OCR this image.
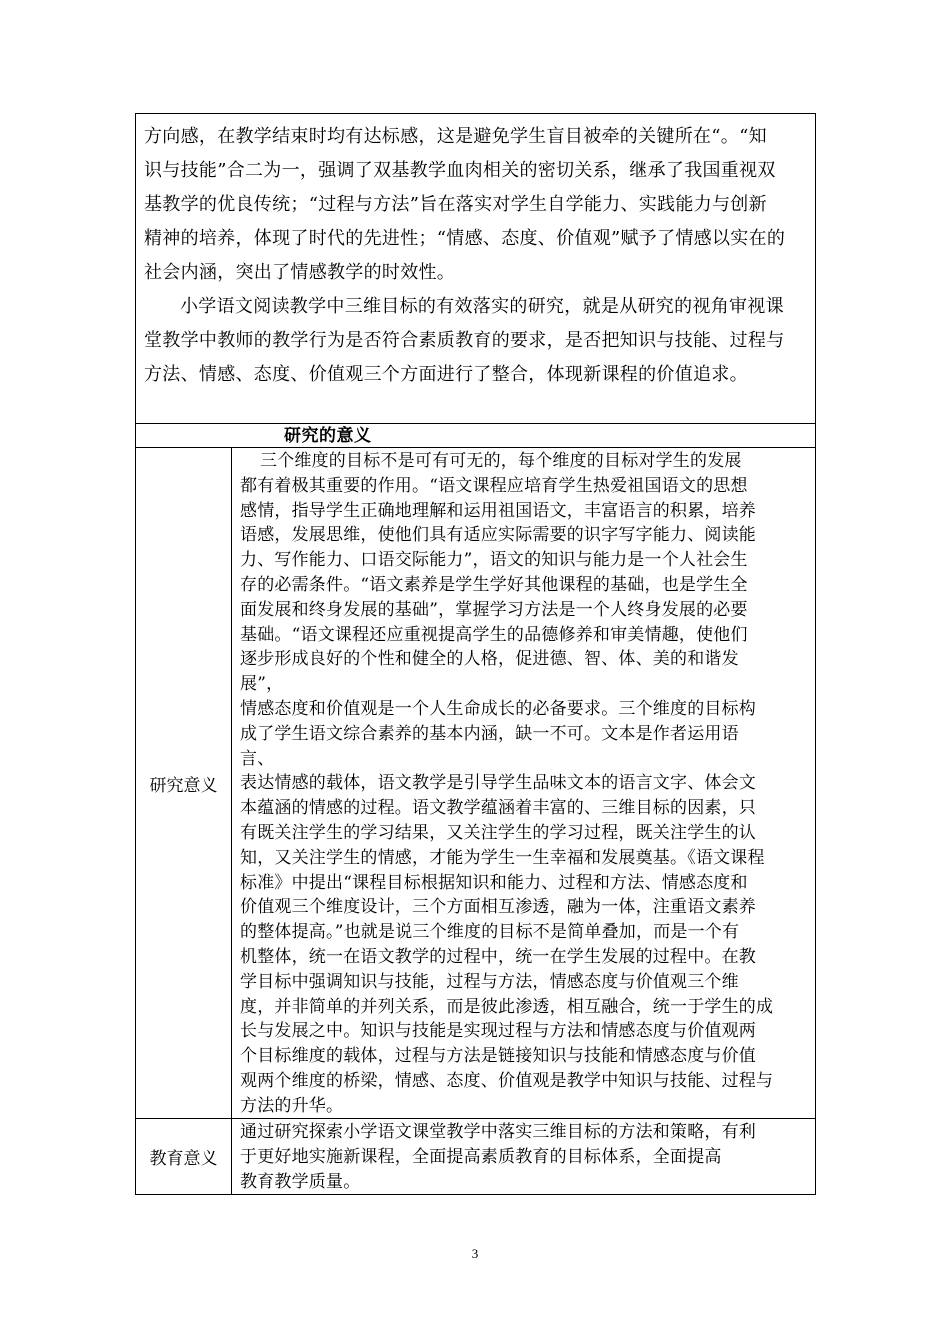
方向感，在教学结束时均有达标感，这是避免学生盲目被牵的关键所在“。“知
识与技能”合二为一，强调了双基教学血肉相关的密切关系，继承了我国重视双
基教学的优良传统；“过程与方法”旨在落实对学生自学能力、实践能力与创新
精神的培养，体现了时代的先进性；“情感、态度、价值观”赋予了情感以实在的
社会内涵，突出了情感教学的时效性。
小学语文阅读教学中三维目标的有效落实的研究，就是从研究的视角审视课
堂教学中教师的教学行为是否符合素质教育的要求，是否把知识与技能、过程与
方法、情感、态度、价值观三个方面进行了整合，体现新课程的价值追求。
研究的意义
研究意义
三个维度的目标不是可有可无的，每个维度的目标对学生的发展
都有着极其重要的作用。“语文课程应培育学生热爱祖国语文的思想
感情，指导学生正确地理解和运用祖国语文，丰富语言的积累，培养
语感，发展思维，使他们具有适应实际需要的识字写字能力、阅读能
力、写作能力、口语交际能力”，语文的知识与能力是一个人社会生
存的必需条件。“语文素养是学生学好其他课程的基础，也是学生全
面发展和终身发展的基础”，掌握学习方法是一个人终身发展的必要
基础。“语文课程还应重视提高学生的品德修养和审美情趣，使他们
逐步形成良好的个性和健全的人格，促进德、智、体、美的和谐发
展”，
情感态度和价值观是一个人生命成长的必备要求。三个维度的目标构
成了学生语文综合素养的基本内涵，缺一不可。文本是作者运用语
言、
表达情感的载体，语文教学是引导学生品味文本的语言文字、体会文
本蕴涵的情感的过程。语文教学蕴涵着丰富的、三维目标的因素，只
有既关注学生的学习结果，又关注学生的学习过程，既关注学生的认
知，又关注学生的情感，才能为学生一生幸福和发展奠基。《语文课程
标准》中提出“课程目标根据知识和能力、过程和方法、情感态度和
价值观三个维度设计，三个方面相互渗透，融为一体，注重语文素养
的整体提高。”也就是说三个维度的目标不是简单叠加，而是一个有
机整体，统一在语文教学的过程中，统一在学生发展的过程中。在教
学目标中强调知识与技能，过程与方法，情感态度与价值观三个维
度，并非简单的并列关系，而是彼此渗透，相互融合，统一于学生的成
长与发展之中。知识与技能是实现过程与方法和情感态度与价值观两
个目标维度的载体，过程与方法是链接知识与技能和情感态度与价值
观两个维度的桥梁，情感、态度、价值观是教学中知识与技能、过程与
方法的升华。
教育意义
通过研究探索小学语文课堂教学中落实三维目标的方法和策略，有利
于更好地实施新课程，全面提高素质教育的目标体系，全面提高
教育教学质量。
3
